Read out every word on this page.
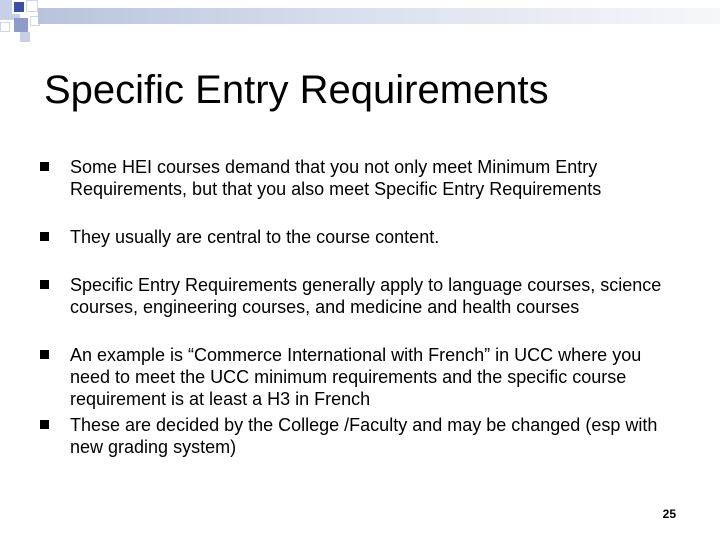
Specific Entry Requirements
Some HEI courses demand that you not only meet Minimum Entry Requirements, but that you also meet Specific Entry Requirements
They usually are central to the course content.
Specific Entry Requirements generally apply to language courses, science courses, engineering courses, and medicine and health courses
An example is “Commerce International with French” in UCC where you need to meet the UCC minimum requirements and the specific course requirement is at least a H3 in French
These are decided by the College /Faculty and may be changed (esp with new grading system)
25
